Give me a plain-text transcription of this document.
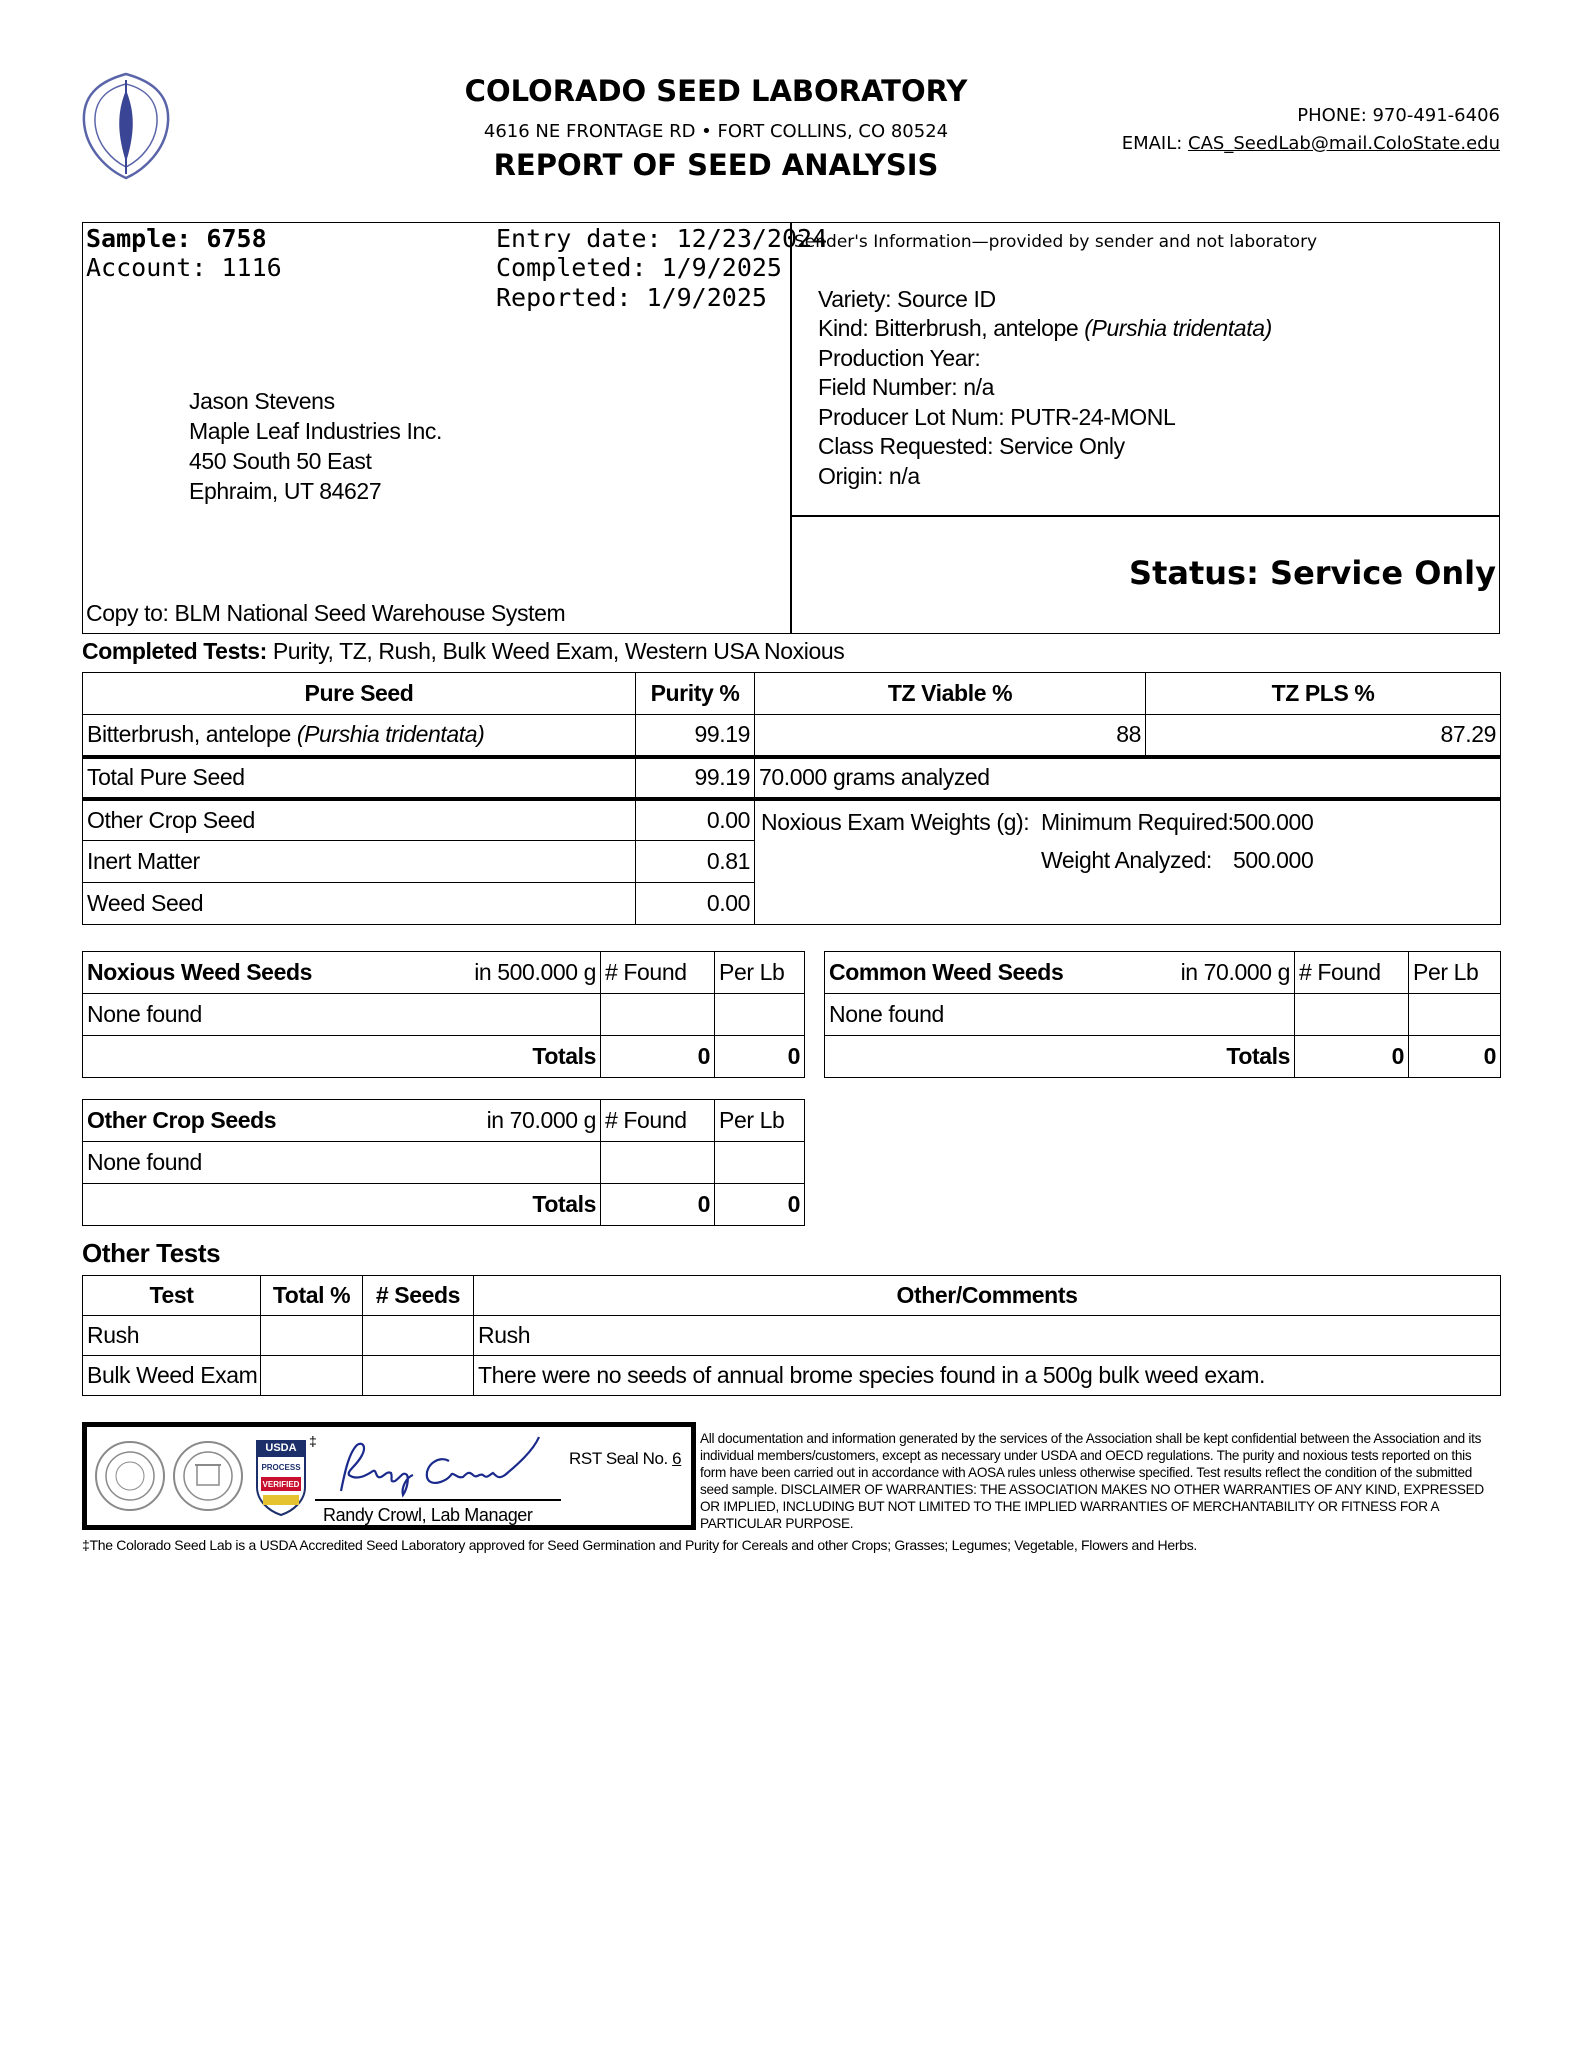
COLORADO SEED LABORATORY
4616 NE FRONTAGE RD • FORT COLLINS, CO 80524
REPORT OF SEED ANALYSIS
PHONE: 970-491-6406
EMAIL: CAS_SeedLab@mail.ColoState.edu
Sample: 6758
Account: 1116
Entry date: 12/23/2024
Completed: 1/9/2025
Reported: 1/9/2025
Jason Stevens
Maple Leaf Industries Inc.
450 South 50 East
Ephraim, UT 84627
Copy to: BLM National Seed Warehouse System
Sender's Information—provided by sender and not laboratory
Variety: Source ID
Kind: Bitterbrush, antelope (Purshia tridentata)
Production Year:
Field Number: n/a
Producer Lot Num: PUTR-24-MONL
Class Requested: Service Only
Origin: n/a
Status: Service Only
Completed Tests: Purity, TZ, Rush, Bulk Weed Exam, Western USA Noxious
Pure Seed	Purity %	TZ Viable %	TZ PLS %
Bitterbrush, antelope (Purshia tridentata)	99.19	88	87.29
Total Pure Seed	99.19	70.000 grams analyzed	
Other Crop Seed	0.00	Noxious Exam Weights (g): Minimum Required: 500.000
Weight Analyzed: 500.000	

Inert Matter	0.81		
Weed Seed	0.00		
Noxious Weed Seeds in 500.000 g	# Found	Per Lb
None found		
Totals	0	0
Common Weed Seeds in 70.000 g	# Found	Per Lb
None found		
Totals	0	0
Other Crop Seeds in 70.000 g	# Found	Per Lb
None found		
Totals	0	0
Other Tests
Test	Total %	# Seeds	Other/Comments
Rush			Rush
Bulk Weed Exam			There were no seeds of annual brome species found in a 500g bulk weed exam.
USDA
PROCESS
VERIFIED
‡
Randy Crowl, Lab Manager
RST Seal No. 6
All documentation and information generated by the services of the Association shall be kept confidential between the Association and its individual members/customers, except as necessary under USDA and OECD regulations. The purity and noxious tests reported on this form have been carried out in accordance with AOSA rules unless otherwise specified. Test results reflect the condition of the submitted seed sample. DISCLAIMER OF WARRANTIES: THE ASSOCIATION MAKES NO OTHER WARRANTIES OF ANY KIND, EXPRESSED OR IMPLIED, INCLUDING BUT NOT LIMITED TO THE IMPLIED WARRANTIES OF MERCHANTABILITY OR FITNESS FOR A PARTICULAR PURPOSE.
‡The Colorado Seed Lab is a USDA Accredited Seed Laboratory approved for Seed Germination and Purity for Cereals and other Crops; Grasses; Legumes; Vegetable, Flowers and Herbs.
